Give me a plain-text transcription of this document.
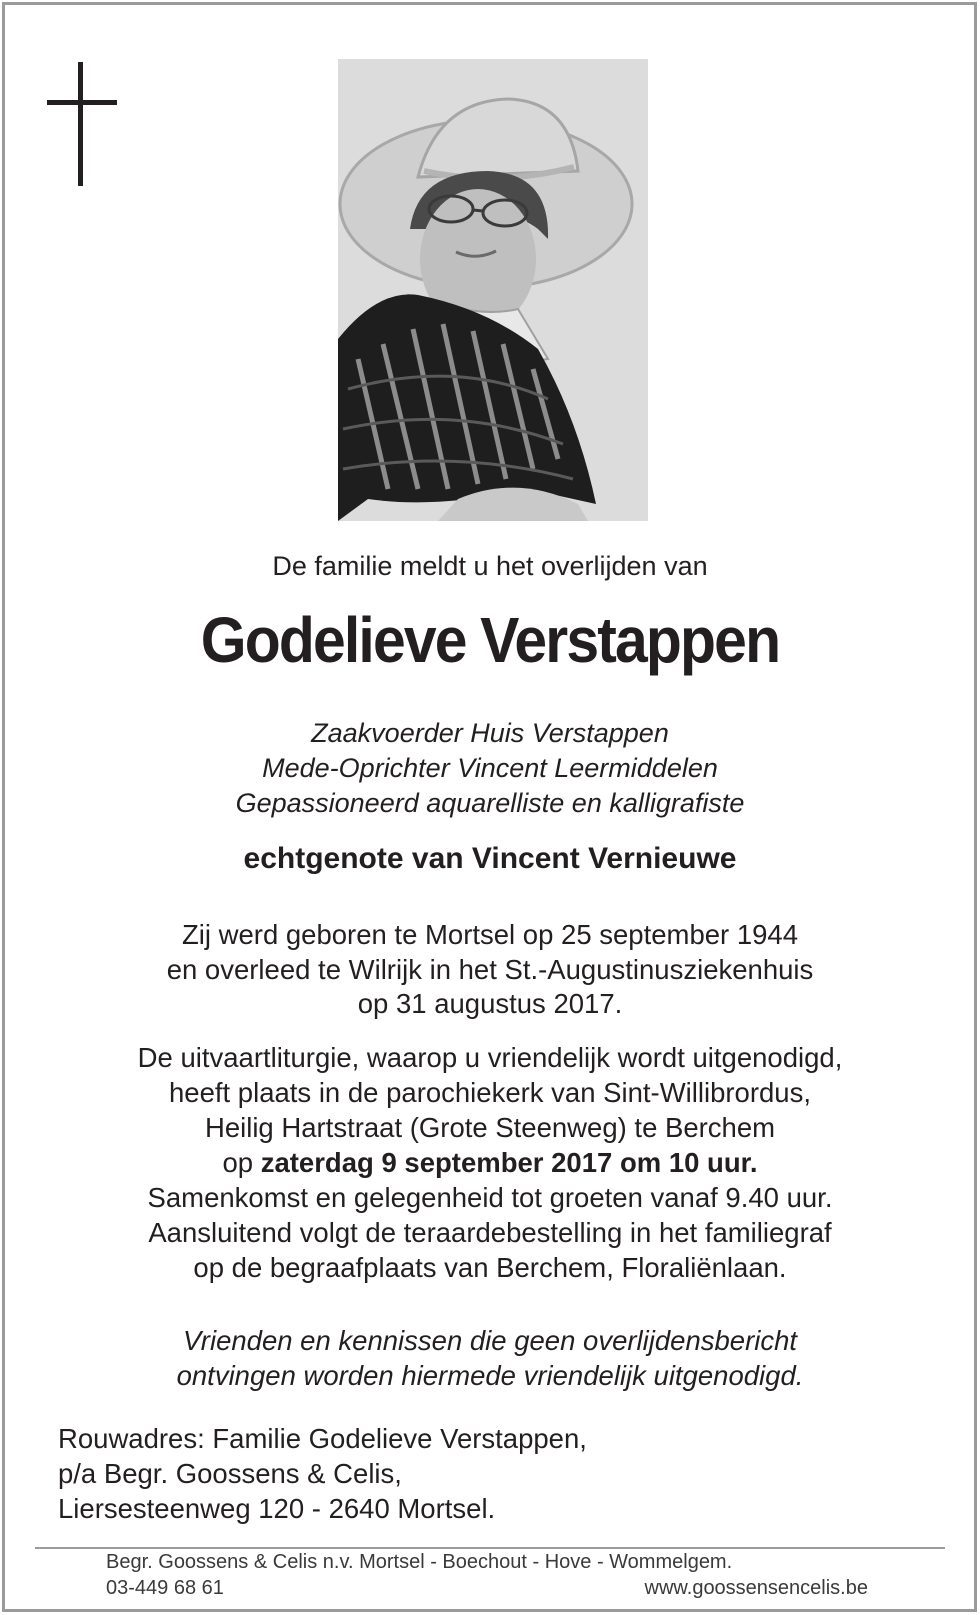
De familie meldt u het overlijden van
Godelieve Verstappen
Zaakvoerder Huis Verstappen
Mede-Oprichter Vincent Leermiddelen
Gepassioneerd aquarelliste en kalligrafiste
echtgenote van Vincent Vernieuwe
Zij werd geboren te Mortsel op 25 september 1944
en overleed te Wilrijk in het St.-Augustinusziekenhuis
op 31 augustus 2017.
De uitvaartliturgie, waarop u vriendelijk wordt uitgenodigd,
heeft plaats in de parochiekerk van Sint-Willibrordus,
Heilig Hartstraat (Grote Steenweg) te Berchem
op zaterdag 9 september 2017 om 10 uur.
Samenkomst en gelegenheid tot groeten vanaf 9.40 uur.
Aansluitend volgt de teraardebestelling in het familiegraf
op de begraafplaats van Berchem, Floraliënlaan.
Vrienden en kennissen die geen overlijdensbericht
ontvingen worden hiermede vriendelijk uitgenodigd.
Rouwadres: Familie Godelieve Verstappen,
p/a Begr. Goossens & Celis,
Liersesteenweg 120 - 2640 Mortsel.
Begr. Goossens & Celis n.v. Mortsel - Boechout - Hove - Wommelgem.
03-449 68 61	www.goossensencelis.be
